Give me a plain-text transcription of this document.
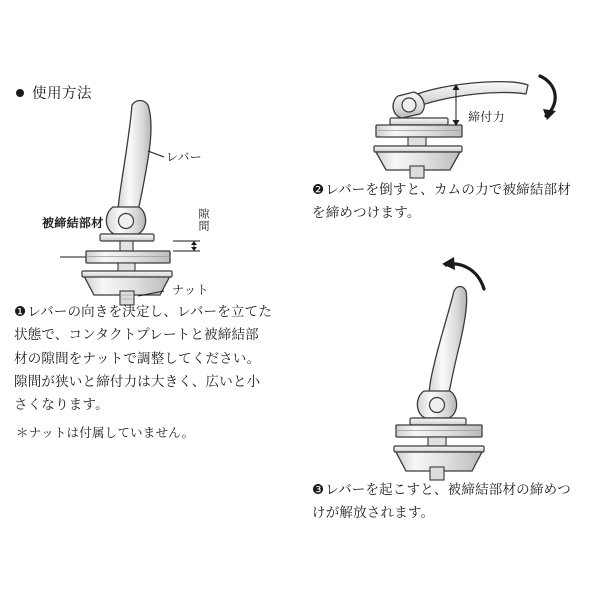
使用方法
レバー
被締結部材	隙間
ナット
❶ レバーの向きを決定し、レバーを立てた
状態で、コンタクトプレートと被締結部
材の隙間をナットで調整してください。
隙間が狭いと締付力は大きく、広いと小
さくなります。
＊ナットは付属していません。
締付力
❷ レバーを倒すと、カムの力で被締結部材
を締めつけます。
❸ レバーを起こすと、被締結部材の締めつ
けが解放されます。
